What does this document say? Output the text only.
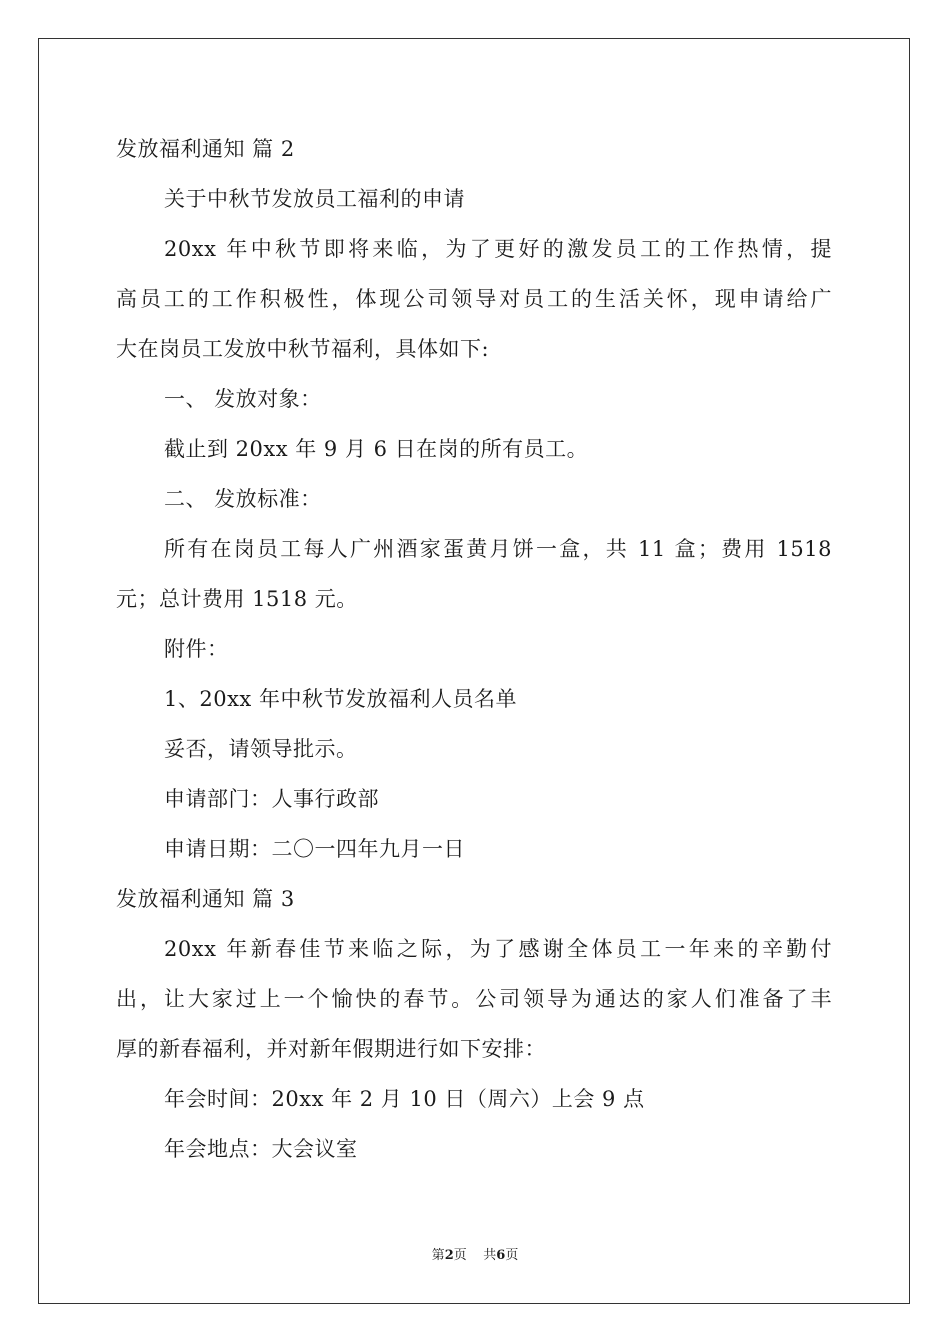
发放福利通知 篇 2
关于中秋节发放员工福利的申请
20xx 年中秋节即将来临，为了更好的激发员工的工作热情，提
高员工的工作积极性，体现公司领导对员工的生活关怀，现申请给广
大在岗员工发放中秋节福利，具体如下:
一、 发放对象：
截止到 20xx 年 9 月 6 日在岗的所有员工。
二、 发放标准：
所有在岗员工每人广州酒家蛋黄月饼一盒，共 11 盒；费用 1518
元；总计费用 1518 元。
附件：
1、20xx 年中秋节发放福利人员名单
妥否，请领导批示。
申请部门：人事行政部
申请日期：二〇一四年九月一日
发放福利通知 篇 3
20xx 年新春佳节来临之际，为了感谢全体员工一年来的辛勤付
出，让大家过上一个愉快的春节。公司领导为通达的家人们准备了丰
厚的新春福利，并对新年假期进行如下安排：
年会时间：20xx 年 2 月 10 日（周六）上会 9 点
年会地点：大会议室
第2页    共6页
